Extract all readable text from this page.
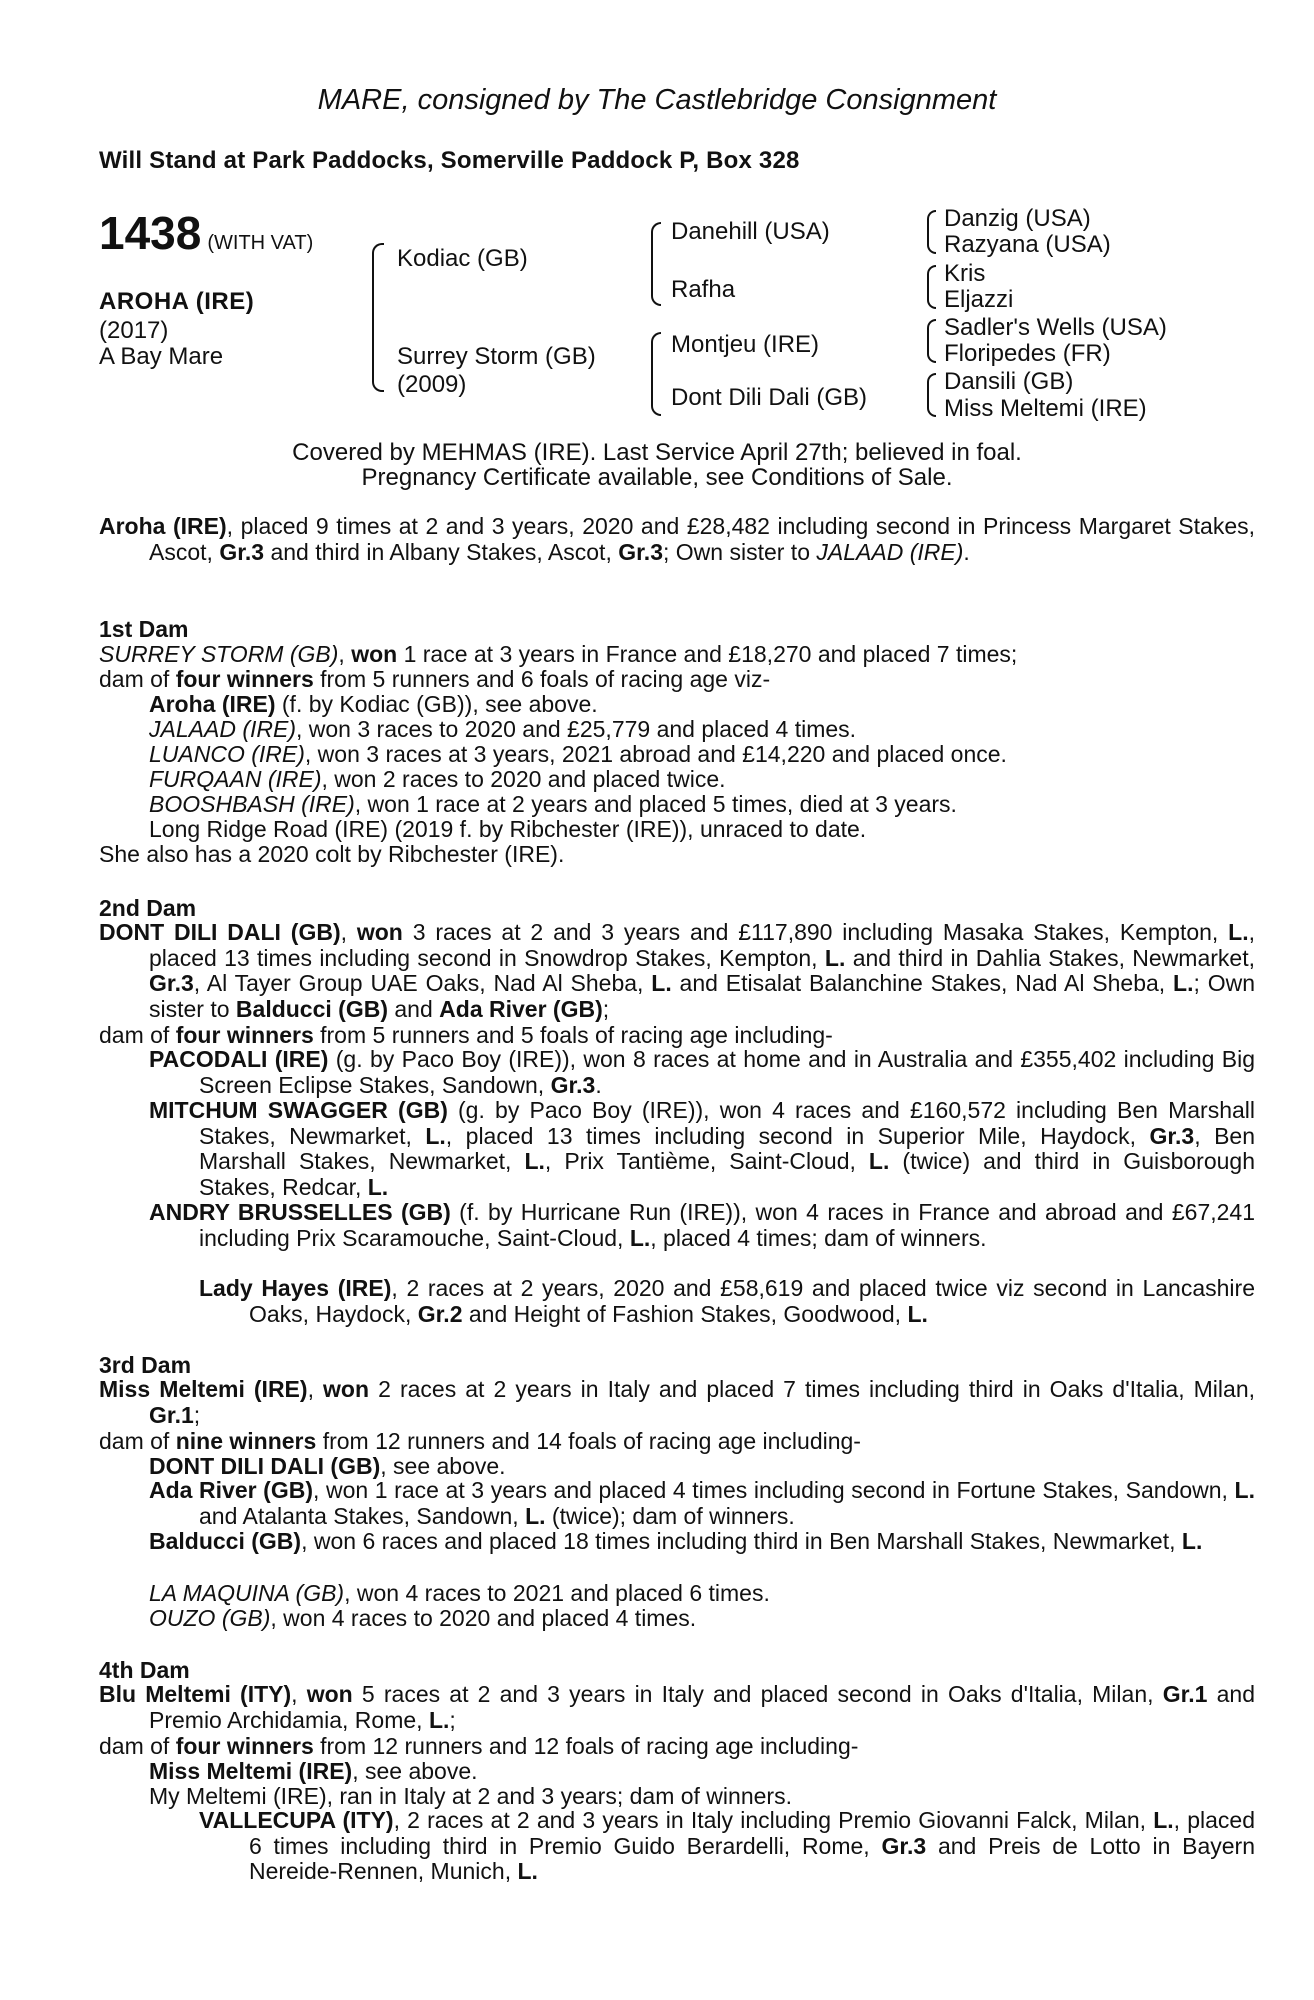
MARE, consigned by The Castlebridge Consignment
Will Stand at Park Paddocks, Somerville Paddock P, Box 328
1438 (WITH VAT)
AROHA (IRE)
(2017)
A Bay Mare
Kodiac (GB)
Surrey Storm (GB)
(2009)
Danehill (USA)
Rafha
Montjeu (IRE)
Dont Dili Dali (GB)
Danzig (USA)
Razyana (USA)
Kris
Eljazzi
Sadler's Wells (USA)
Floripedes (FR)
Dansili (GB)
Miss Meltemi (IRE)
Covered by MEHMAS (IRE). Last Service April 27th; believed in foal.
Pregnancy Certificate available, see Conditions of Sale.
Aroha (IRE), placed 9 times at 2 and 3 years, 2020 and £28,482 including second in Princess Margaret Stakes, Ascot, Gr.3 and third in Albany Stakes, Ascot, Gr.3; Own sister to JALAAD (IRE).
1st Dam
SURREY STORM (GB), won 1 race at 3 years in France and £18,270 and placed 7 times;
dam of four winners from 5 runners and 6 foals of racing age viz-
Aroha (IRE) (f. by Kodiac (GB)), see above.
JALAAD (IRE), won 3 races to 2020 and £25,779 and placed 4 times.
LUANCO (IRE), won 3 races at 3 years, 2021 abroad and £14,220 and placed once.
FURQAAN (IRE), won 2 races to 2020 and placed twice.
BOOSHBASH (IRE), won 1 race at 2 years and placed 5 times, died at 3 years.
Long Ridge Road (IRE) (2019 f. by Ribchester (IRE)), unraced to date.
She also has a 2020 colt by Ribchester (IRE).
2nd Dam
DONT DILI DALI (GB), won 3 races at 2 and 3 years and £117,890 including Masaka Stakes, Kempton, L., placed 13 times including second in Snowdrop Stakes, Kempton, L. and third in Dahlia Stakes, Newmarket, Gr.3, Al Tayer Group UAE Oaks, Nad Al Sheba, L. and Etisalat Balanchine Stakes, Nad Al Sheba, L.; Own sister to Balducci (GB) and Ada River (GB);
dam of four winners from 5 runners and 5 foals of racing age including-
PACODALI (IRE) (g. by Paco Boy (IRE)), won 8 races at home and in Australia and £355,402 including Big Screen Eclipse Stakes, Sandown, Gr.3.
MITCHUM SWAGGER (GB) (g. by Paco Boy (IRE)), won 4 races and £160,572 including Ben Marshall Stakes, Newmarket, L., placed 13 times including second in Superior Mile, Haydock, Gr.3, Ben Marshall Stakes, Newmarket, L., Prix Tantième, Saint-Cloud, L. (twice) and third in Guisborough Stakes, Redcar, L.
ANDRY BRUSSELLES (GB) (f. by Hurricane Run (IRE)), won 4 races in France and abroad and £67,241 including Prix Scaramouche, Saint-Cloud, L., placed 4 times; dam of winners.
Lady Hayes (IRE), 2 races at 2 years, 2020 and £58,619 and placed twice viz second in Lancashire Oaks, Haydock, Gr.2 and Height of Fashion Stakes, Goodwood, L.
3rd Dam
Miss Meltemi (IRE), won 2 races at 2 years in Italy and placed 7 times including third in Oaks d'Italia, Milan, Gr.1;
dam of nine winners from 12 runners and 14 foals of racing age including-
DONT DILI DALI (GB), see above.
Ada River (GB), won 1 race at 3 years and placed 4 times including second in Fortune Stakes, Sandown, L. and Atalanta Stakes, Sandown, L. (twice); dam of winners.
Balducci (GB), won 6 races and placed 18 times including third in Ben Marshall Stakes, Newmarket, L.
LA MAQUINA (GB), won 4 races to 2021 and placed 6 times.
OUZO (GB), won 4 races to 2020 and placed 4 times.
4th Dam
Blu Meltemi (ITY), won 5 races at 2 and 3 years in Italy and placed second in Oaks d'Italia, Milan, Gr.1 and Premio Archidamia, Rome, L.;
dam of four winners from 12 runners and 12 foals of racing age including-
Miss Meltemi (IRE), see above.
My Meltemi (IRE), ran in Italy at 2 and 3 years; dam of winners.
VALLECUPA (ITY), 2 races at 2 and 3 years in Italy including Premio Giovanni Falck, Milan, L., placed 6 times including third in Premio Guido Berardelli, Rome, Gr.3 and Preis de Lotto in Bayern Nereide-Rennen, Munich, L.
